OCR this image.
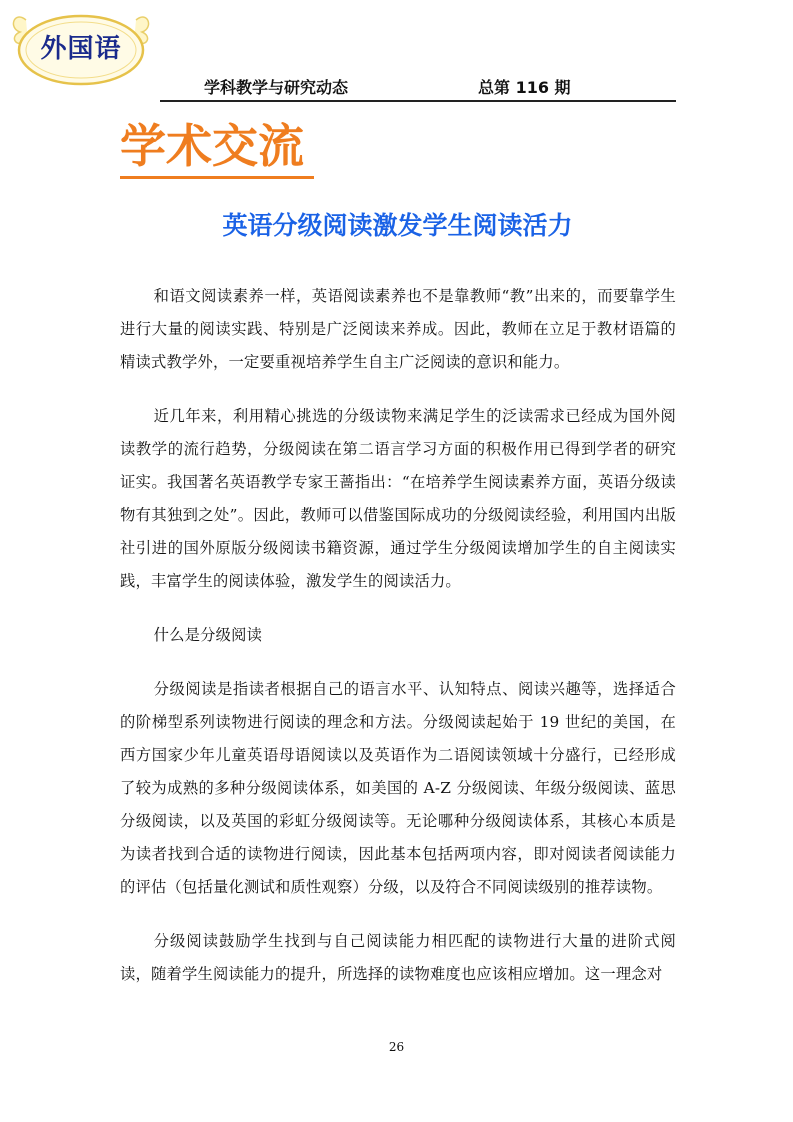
外国语
学科教学与研究动态	总第 116 期
学术交流
英语分级阅读激发学生阅读活力

和语文阅读素养一样，英语阅读素养也不是靠教师“教”出来的，而要靠学生进行大量的阅读实践、特别是广泛阅读来养成。因此，教师在立足于教材语篇的精读式教学外，一定要重视培养学生自主广泛阅读的意识和能力。

近几年来，利用精心挑选的分级读物来满足学生的泛读需求已经成为国外阅读教学的流行趋势，分级阅读在第二语言学习方面的积极作用已得到学者的研究证实。我国著名英语教学专家王蔷指出：“在培养学生阅读素养方面，英语分级读物有其独到之处”。因此，教师可以借鉴国际成功的分级阅读经验，利用国内出版社引进的国外原版分级阅读书籍资源，通过学生分级阅读增加学生的自主阅读实践，丰富学生的阅读体验，激发学生的阅读活力。

什么是分级阅读

分级阅读是指读者根据自己的语言水平、认知特点、阅读兴趣等，选择适合的阶梯型系列读物进行阅读的理念和方法。分级阅读起始于 19 世纪的美国，在西方国家少年儿童英语母语阅读以及英语作为二语阅读领域十分盛行，已经形成了较为成熟的多种分级阅读体系，如美国的 A-Z 分级阅读、年级分级阅读、蓝思分级阅读，以及英国的彩虹分级阅读等。无论哪种分级阅读体系，其核心本质是为读者找到合适的读物进行阅读，因此基本包括两项内容，即对阅读者阅读能力的评估（包括量化测试和质性观察）分级，以及符合不同阅读级别的推荐读物。

分级阅读鼓励学生找到与自己阅读能力相匹配的读物进行大量的进阶式阅读，随着学生阅读能力的提升，所选择的读物难度也应该相应增加。这一理念对

26
